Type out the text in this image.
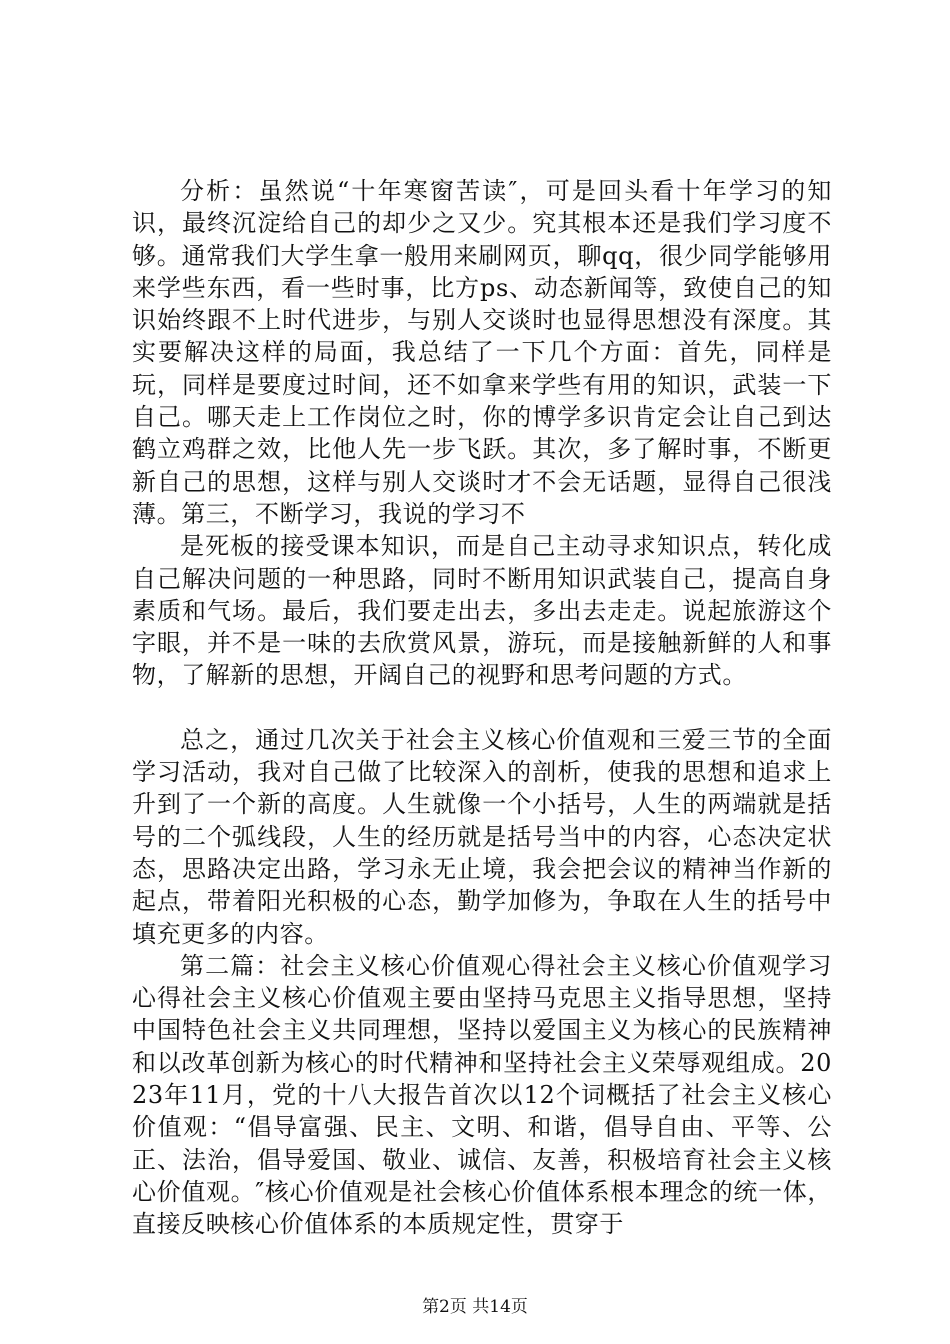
分析：虽然说“十年寒窗苦读″，可是回头看十年学习的知识，最终沉淀给自己的却少之又少。究其根本还是我们学习度不够。通常我们大学生拿一般用来刷网页，聊qq，很少同学能够用来学些东西，看一些时事，比方ps、动态新闻等，致使自己的知识始终跟不上时代进步，与别人交谈时也显得思想没有深度。其实要解决这样的局面，我总结了一下几个方面：首先，同样是玩，同样是要度过时间，还不如拿来学些有用的知识，武装一下自己。哪天走上工作岗位之时，你的博学多识肯定会让自己到达鹤立鸡群之效，比他人先一步飞跃。其次，多了解时事，不断更新自己的思想，这样与别人交谈时才不会无话题，显得自己很浅薄。第三，不断学习，我说的学习不

是死板的接受课本知识，而是自己主动寻求知识点，转化成自己解决问题的一种思路，同时不断用知识武装自己，提高自身素质和气场。最后，我们要走出去，多出去走走。说起旅游这个字眼，并不是一味的去欣赏风景，游玩，而是接触新鲜的人和事物，了解新的思想，开阔自己的视野和思考问题的方式。

总之，通过几次关于社会主义核心价值观和三爱三节的全面学习活动，我对自己做了比较深入的剖析，使我的思想和追求上升到了一个新的高度。人生就像一个小括号，人生的两端就是括号的二个弧线段，人生的经历就是括号当中的内容，心态决定状态，思路决定出路，学习永无止境，我会把会议的精神当作新的起点，带着阳光积极的心态，勤学加修为，争取在人生的括号中填充更多的内容。

第二篇：社会主义核心价值观心得社会主义核心价值观学习心得社会主义核心价值观主要由坚持马克思主义指导思想，坚持中国特色社会主义共同理想，坚持以爱国主义为核心的民族精神和以改革创新为核心的时代精神和坚持社会主义荣辱观组成。2023年11月，党的十八大报告首次以12个词概括了社会主义核心价值观：“倡导富强、民主、文明、和谐，倡导自由、平等、公正、法治，倡导爱国、敬业、诚信、友善，积极培育社会主义核心价值观。″核心价值观是社会核心价值体系根本理念的统一体，直接反映核心价值体系的本质规定性，贯穿于

第2页 共14页
